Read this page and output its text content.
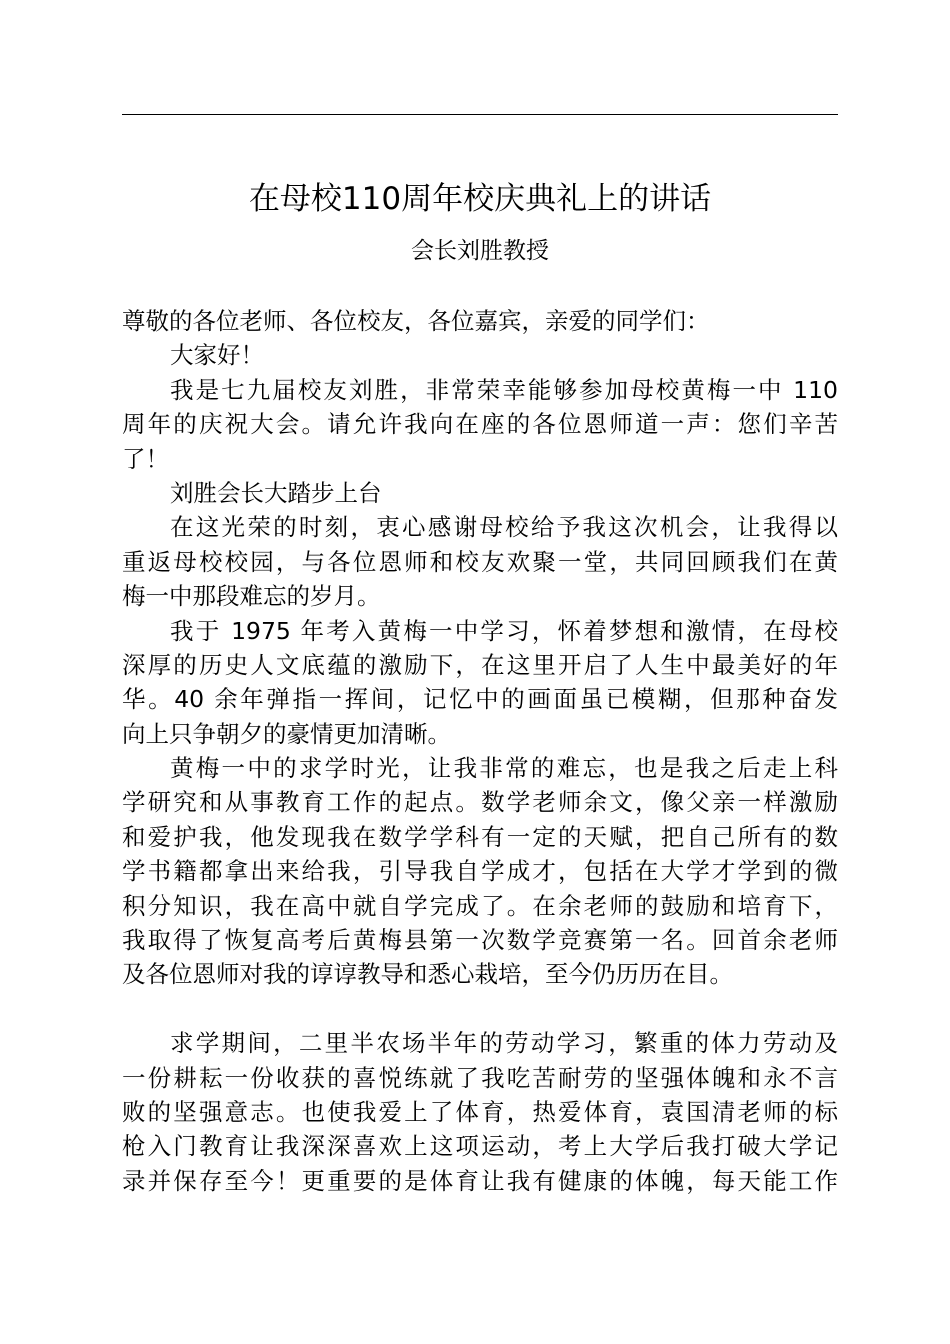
在母校110周年校庆典礼上的讲话
会长刘胜教授
尊敬的各位老师、各位校友，各位嘉宾，亲爱的同学们：
大家好！
我是七九届校友刘胜，非常荣幸能够参加母校黄梅一中 110
周年的庆祝大会。请允许我向在座的各位恩师道一声：您们辛苦
了！
刘胜会长大踏步上台
在这光荣的时刻，衷心感谢母校给予我这次机会，让我得以
重返母校校园，与各位恩师和校友欢聚一堂，共同回顾我们在黄
梅一中那段难忘的岁月。
我于 1975 年考入黄梅一中学习，怀着梦想和激情，在母校
深厚的历史人文底蕴的激励下，在这里开启了人生中最美好的年
华。40 余年弹指一挥间，记忆中的画面虽已模糊，但那种奋发
向上只争朝夕的豪情更加清晰。
黄梅一中的求学时光，让我非常的难忘，也是我之后走上科
学研究和从事教育工作的起点。数学老师余文，像父亲一样激励
和爱护我，他发现我在数学学科有一定的天赋，把自己所有的数
学书籍都拿出来给我，引导我自学成才，包括在大学才学到的微
积分知识，我在高中就自学完成了。在余老师的鼓励和培育下，
我取得了恢复高考后黄梅县第一次数学竞赛第一名。回首余老师
及各位恩师对我的谆谆教导和悉心栽培，至今仍历历在目。
求学期间，二里半农场半年的劳动学习，繁重的体力劳动及
一份耕耘一份收获的喜悦练就了我吃苦耐劳的坚强体魄和永不言
败的坚强意志。也使我爱上了体育，热爱体育，袁国清老师的标
枪入门教育让我深深喜欢上这项运动，考上大学后我打破大学记
录并保存至今！更重要的是体育让我有健康的体魄，每天能工作
